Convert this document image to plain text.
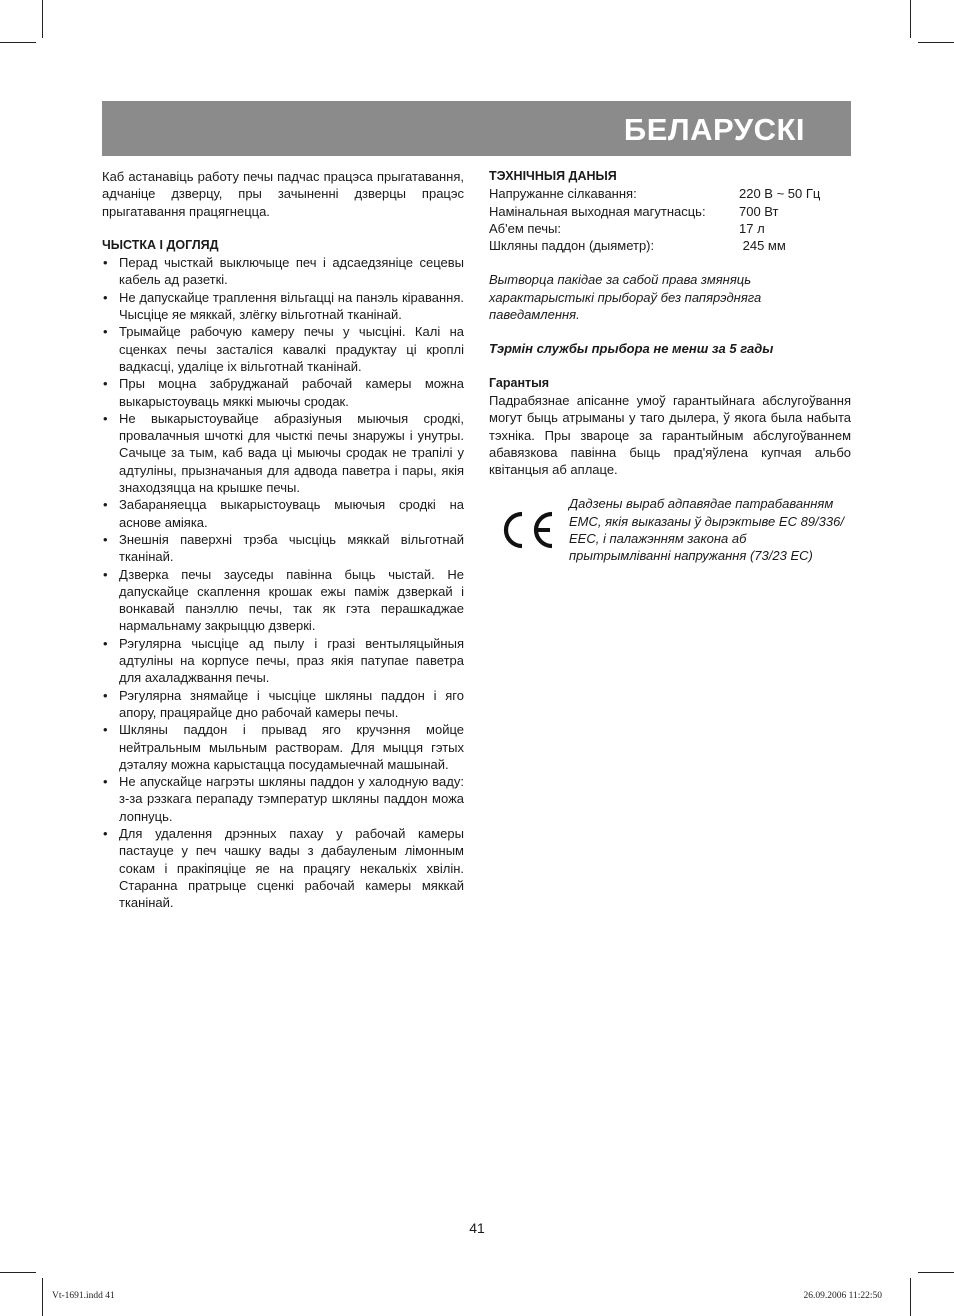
БЕЛАРУСКІ

Каб астанавіць работу печы падчас працэса прыгатавання, адчаніце дзверцу, пры зачыненні дзверцы працэс прыгатавання працягнецца.

ЧЫСТКА І ДОГЛЯД

• Перад чысткай выключыце печ і адсаедзяніце сецевы кабель ад разеткі.
• Не дапускайце траплення вільгацці на панэль кіравання. Чысціце яе мяккай, злёгку вільготнай тканінай.
• Трымайце рабочую камеру печы у чысціні. Калі на сценках печы засталіся кавалкі прадуктау ці кроплі вадкасці, удаліце іх вільготнай тканінай.
• Пры моцна забруджанай рабочай камеры можна выкарыстоуваць мяккі мыючы сродак.
• Не выкарыстоувайце абразіуныя мыючыя сродкі, провалачныя шчоткі для чысткі печы знаружы і унутры. Сачыце за тым, каб вада ці мыючы сродак не трапілі у адтуліны, прызначаныя для адвода паветра і пары, якія знаходзяцца на крышке печы.
• Забараняецца выкарыстоуваць мыючыя сродкі на аснове аміяка.
• Знешнія паверхні трэба чысціць мяккай вільготнай тканінай.
• Дзверка печы зауседы павінна быць чыстай. Не дапускайце скаплення крошак ежы паміж дзверкай і вонкавай панэллю печы, так як гэта перашкаджае нармальнаму закрыццю дзверкі.
• Рэгулярна чысціце ад пылу і гразі вентыляцыйныя адтуліны на корпусе печы, праз якія патупае паветра для ахаладжвання печы.
• Рэгулярна знямайце і чысціце шкляны паддон і яго апору, працярайце дно рабочай камеры печы.
• Шкляны паддон і прывад яго кручэння мойце нейтральным мыльным растворам. Для мыцця гэтых дэталяу можна карыстацца посудамыечнай машынай.
• Не апускайце нагрэты шкляны паддон у халодную ваду: з-за рэзкага перападу тэмператур шкляны паддон можа лопнуць.
• Для удалення дрэнных пахау у рабочай камеры пастауце у печ чашку вады з дабауленым лімонным сокам і пракіпяціце яе на працягу некалькіх хвілін. Старанна пратрыце сценкі рабочай камеры мяккай тканінай.

ТЭХНІЧНЫЯ ДАНЫЯ

Напружанне сілкавання:	220 В ~ 50 Гц
Намінальная выходная магутнасць:	700 Вт
Аб'ем печы:	17 л
Шкляны паддон (дыяметр):	245 мм

Вытворца пакідае за сабой права змяняць характарыстыкі прыбораў без папярэдняга паведамлення.

Тэрмін службы прыбора не менш за 5 гады

Гарантыя

Падрабязнае апісанне умоў гарантыйнага абслугоўвання могут быць атрыманы у таго дылера, ў якога была набыта тэхніка. Пры звароце за гарантыйным абслугоўваннем абавязкова павінна быць прад'яўлена купчая альбо квітанцыя аб аплаце.

Дадзены выраб адпавядае патрабаванням ЕМС, якія выказаны ў дырэктыве ЕС 89/336/ЕЕС, і палажэнням закона аб прытрымліванні напружання (73/23 ЕС)

41
Vt-1691.indd 41	26.09.2006 11:22:50
